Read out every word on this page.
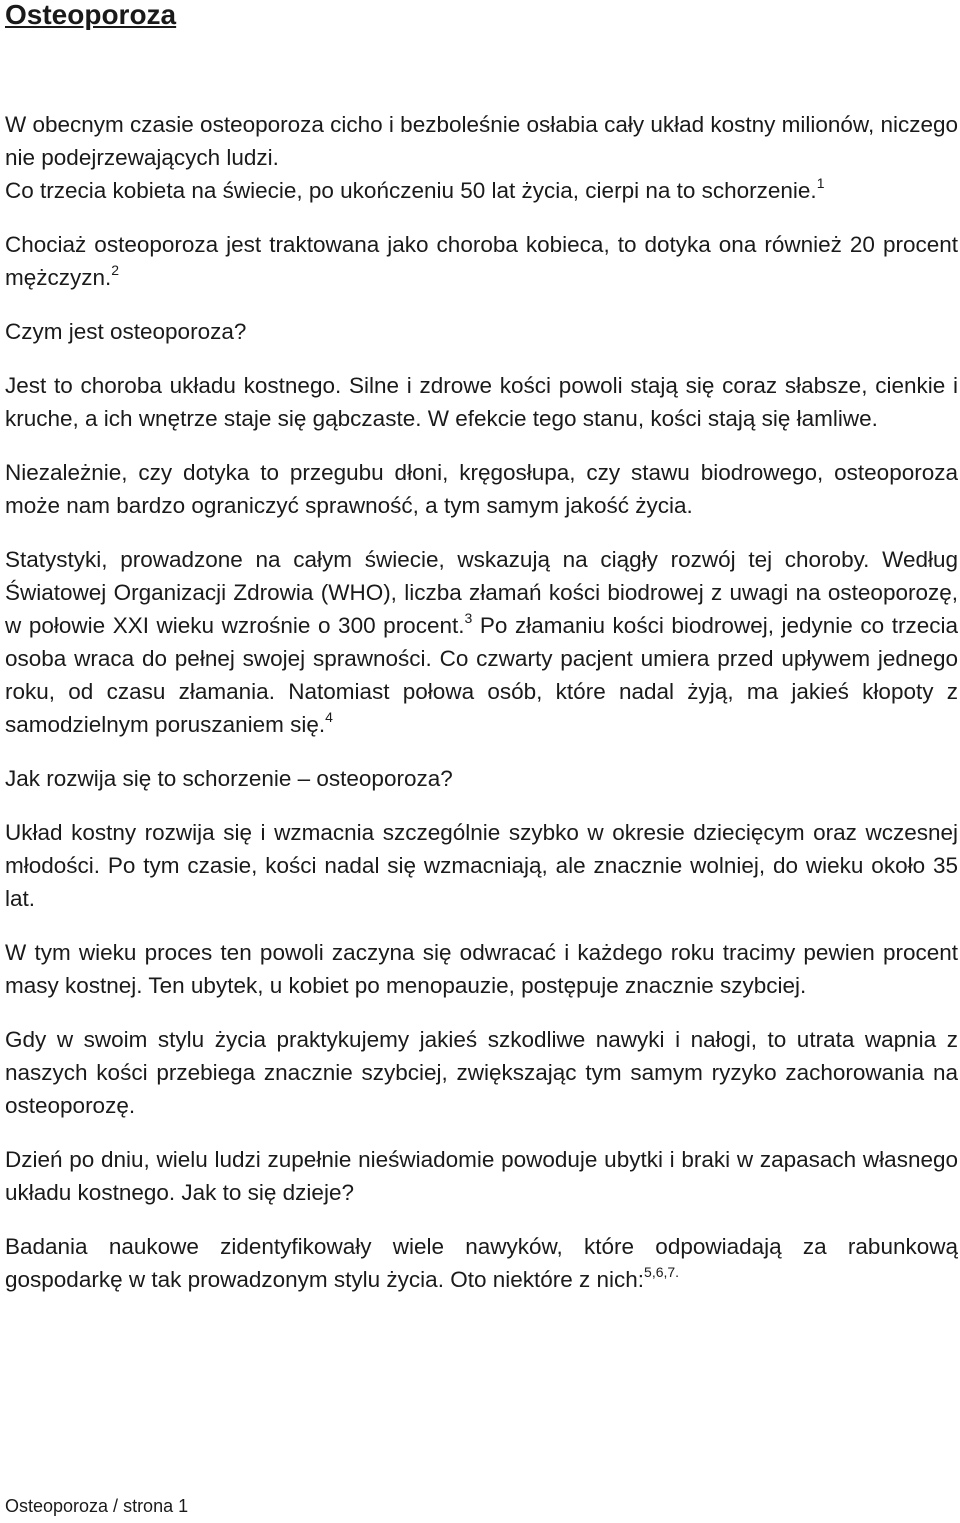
Osteoporoza

W obecnym czasie osteoporoza cicho i bezboleśnie osłabia cały układ kostny milionów, niczego nie podejrzewających ludzi.

Co trzecia kobieta na świecie, po ukończeniu 50 lat życia, cierpi na to schorzenie.$^1$

Chociaż osteoporoza jest traktowana jako choroba kobieca, to dotyka ona również 20 procent mężczyzn.$^2$

Czym jest osteoporoza?

Jest to choroba układu kostnego. Silne i zdrowe kości powoli stają się coraz słabsze, cienkie i kruche, a ich wnętrze staje się gąbczaste. W efekcie tego stanu, kości stają się łamliwe.

Niezależnie, czy dotyka to przegubu dłoni, kręgosłupa, czy stawu biodrowego, osteoporoza może nam bardzo ograniczyć sprawność, a tym samym jakość życia.

Statystyki, prowadzone na całym świecie, wskazują na ciągły rozwój tej choroby. Według Światowej Organizacji Zdrowia (WHO), liczba złamań kości biodrowej z uwagi na osteoporozę, w połowie XXI wieku wzrośnie o 300 procent.$^3$ Po złamaniu kości biodrowej, jedynie co trzecia osoba wraca do pełnej swojej sprawności. Co czwarty pacjent umiera przed upływem jednego roku, od czasu złamania. Natomiast połowa osób, które nadal żyją, ma jakieś kłopoty z samodzielnym poruszaniem się.$^4$

Jak rozwija się to schorzenie – osteoporoza?

Układ kostny rozwija się i wzmacnia szczególnie szybko w okresie dziecięcym oraz wczesnej młodości. Po tym czasie, kości nadal się wzmacniają, ale znacznie wolniej, do wieku około 35 lat.

W tym wieku proces ten powoli zaczyna się odwracać i każdego roku tracimy pewien procent masy kostnej. Ten ubytek, u kobiet po menopauzie, postępuje znacznie szybciej.

Gdy w swoim stylu życia praktykujemy jakieś szkodliwe nawyki i nałogi, to utrata wapnia z naszych kości przebiega znacznie szybciej, zwiększając tym samym ryzyko zachorowania na osteoporozę.

Dzień po dniu, wielu ludzi zupełnie nieświadomie powoduje ubytki i braki w zapasach własnego układu kostnego. Jak to się dzieje?

Badania naukowe zidentyfikowały wiele nawyków, które odpowiadają za rabunkową gospodarkę w tak prowadzonym stylu życia. Oto niektóre z nich:$^{5,6,7.}$

Osteoporoza / strona 1
